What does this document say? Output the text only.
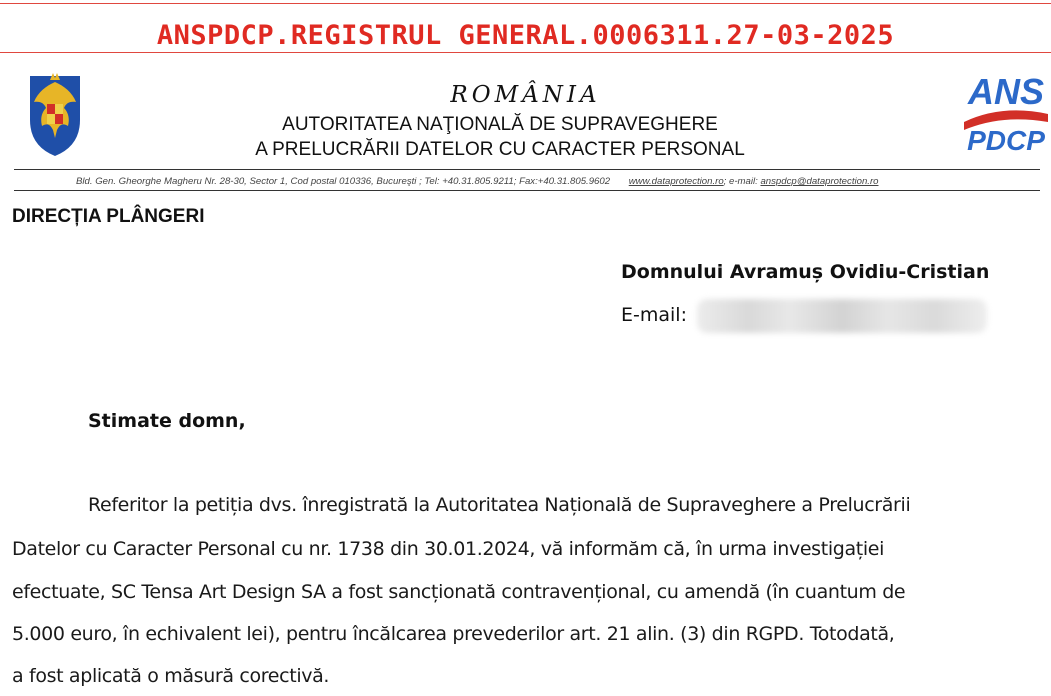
ANSPDCP.REGISTRUL GENERAL.0006311.27-03-2025
ROMÂNIA
AUTORITATEA NAŢIONALĂ DE SUPRAVEGHERE
A PRELUCRĂRII DATELOR CU CARACTER PERSONAL
ANS
PDCP
Bld. Gen. Gheorghe Magheru Nr. 28-30, Sector 1, Cod postal 010336, Bucureşti ; Tel: +40.31.805.9211; Fax:+40.31.805.9602 www.dataprotection.ro; e-mail: anspdcp@dataprotection.ro
DIRECȚIA PLÂNGERI
Domnului Avramuș Ovidiu-Cristian
E-mail:
Stimate domn,
Referitor la petiția dvs. înregistrată la Autoritatea Națională de Supraveghere a Prelucrării
Datelor cu Caracter Personal cu nr. 1738 din 30.01.2024, vă informăm că, în urma investigației
efectuate, SC Tensa Art Design SA a fost sancționată contravențional, cu amendă (în cuantum de
5.000 euro, în echivalent lei), pentru încălcarea prevederilor art. 21 alin. (3) din RGPD. Totodată,
a fost aplicată o măsură corectivă.
